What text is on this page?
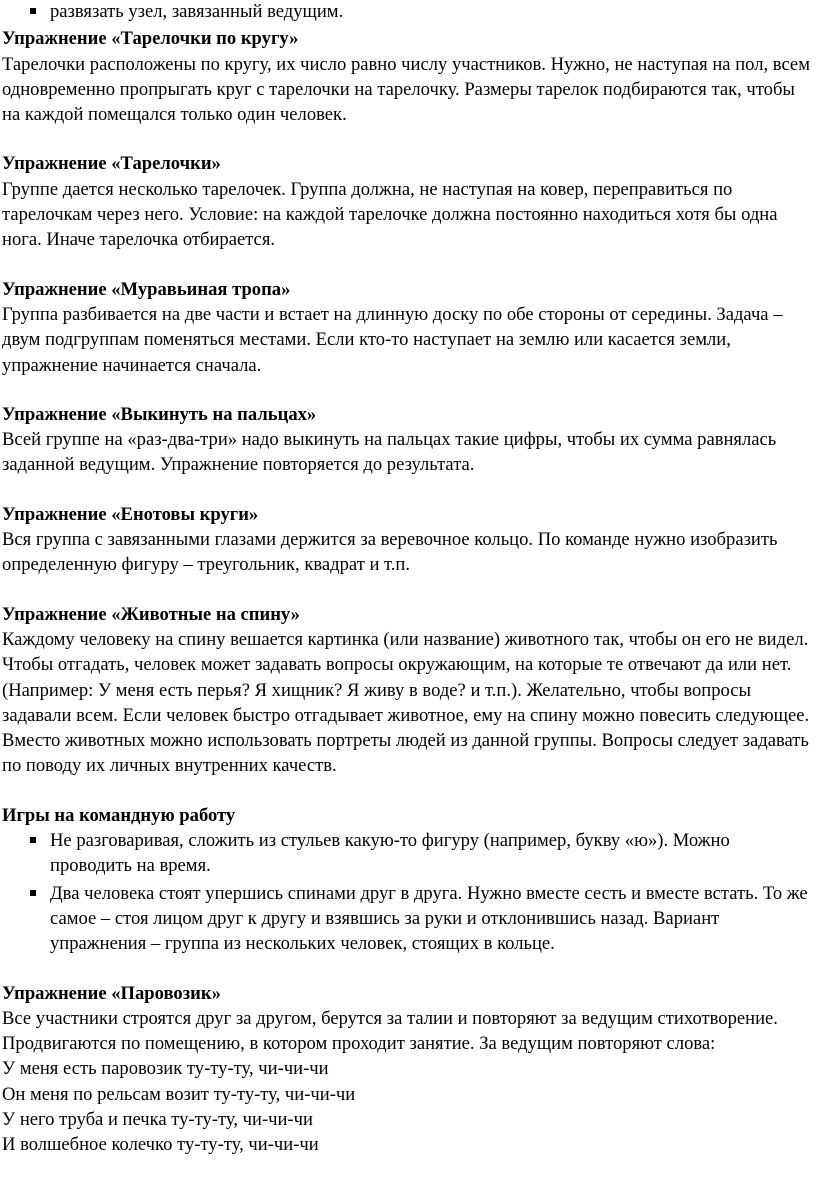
развязать узел, завязанный ведущим.
Упражнение «Тарелочки по кругу»
Тарелочки расположены по кругу, их число равно числу участников. Нужно, не наступая на пол, всем одновременно пропрыгать круг с тарелочки на тарелочку. Размеры тарелок подбираются так, чтобы на каждой помещался только один человек.
Упражнение «Тарелочки»
Группе дается несколько тарелочек. Группа должна, не наступая на ковер, переправиться по тарелочкам через него. Условие: на каждой тарелочке должна постоянно находиться хотя бы одна нога. Иначе тарелочка отбирается.
Упражнение «Муравьиная тропа»
Группа разбивается на две части и встает на длинную доску по обе стороны от середины. Задача – двум подгруппам поменяться местами. Если кто-то наступает на землю или касается земли, упражнение начинается сначала.
Упражнение «Выкинуть на пальцах»
Всей группе на «раз-два-три» надо выкинуть на пальцах такие цифры, чтобы их сумма равнялась заданной ведущим. Упражнение повторяется до результата.
Упражнение «Енотовы круги»
Вся группа с завязанными глазами держится за веревочное кольцо. По команде нужно изобразить определенную фигуру – треугольник, квадрат и т.п.
Упражнение «Животные на спину»
Каждому человеку на спину вешается картинка (или название) животного так, чтобы он его не видел. Чтобы отгадать, человек может задавать вопросы окружающим, на которые те отвечают да или нет. (Например: У меня есть перья? Я хищник? Я живу в воде? и т.п.). Желательно, чтобы вопросы задавали всем. Если человек быстро отгадывает животное, ему на спину можно повесить следующее. Вместо животных можно использовать портреты людей из данной группы. Вопросы следует задавать по поводу их личных внутренних качеств.
Игры на командную работу
Не разговаривая, сложить из стульев какую-то фигуру (например, букву «ю»). Можно проводить на время.
Два человека стоят упершись спинами друг в друга. Нужно вместе сесть и вместе встать. То же самое – стоя лицом друг к другу и взявшись за руки и отклонившись назад. Вариант упражнения – группа из нескольких человек, стоящих в кольце.
Упражнение «Паровозик»
Все участники строятся друг за другом, берутся за талии и повторяют за ведущим стихотворение. Продвигаются по помещению, в котором проходит занятие. За ведущим повторяют слова:
У меня есть паровозик ту-ту-ту, чи-чи-чи
Он меня по рельсам возит ту-ту-ту, чи-чи-чи
У него труба и печка ту-ту-ту, чи-чи-чи
И волшебное колечко ту-ту-ту, чи-чи-чи
